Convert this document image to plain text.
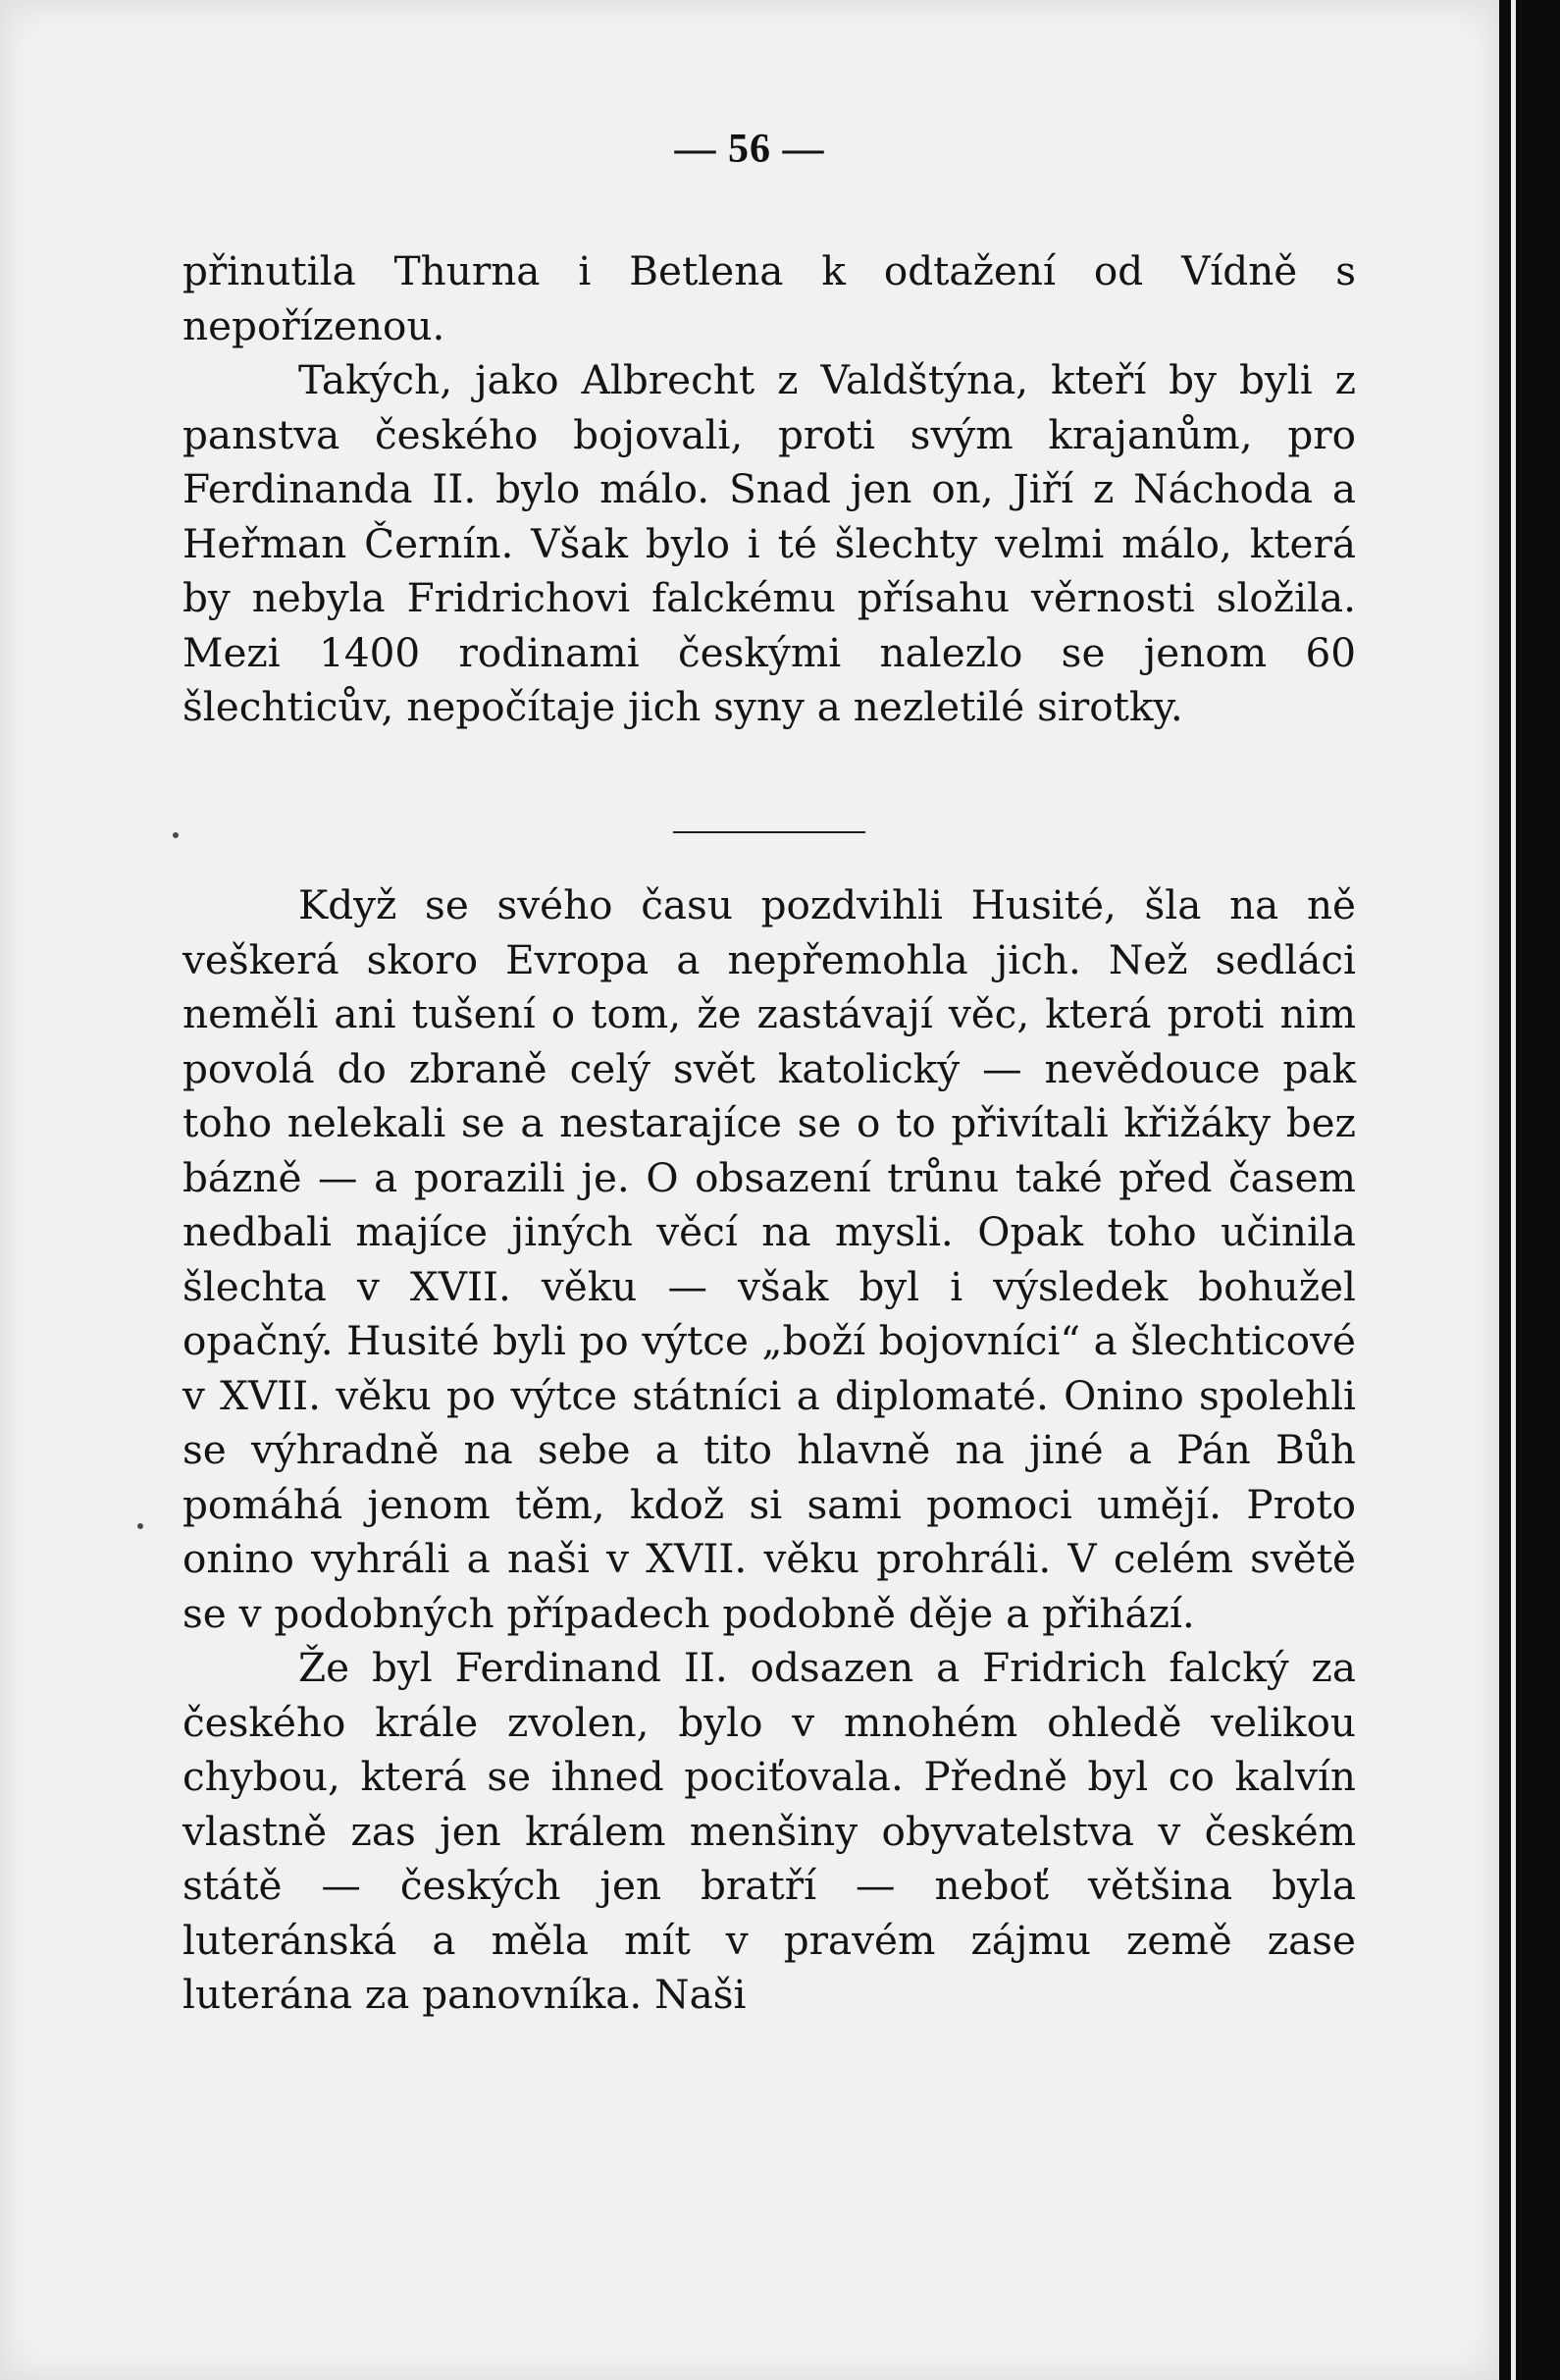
— 56 —

přinutila Thurna i Betlena k odtažení od Vídně s nepořízenou.

Takých, jako Albrecht z Valdštýna, kteří by byli z panstva českého bojovali, proti svým krajanům, pro Ferdinanda II. bylo málo. Snad jen on, Jiří z Náchoda a Heřman Černín. Však bylo i té šlechty velmi málo, která by nebyla Fridrichovi falckému přísahu věrnosti složila. Mezi 1400 rodinami českými nalezlo se jenom 60 šlechticův, nepočítaje jich syny a nezletilé sirotky.

Když se svého času pozdvihli Husité, šla na ně veškerá skoro Evropa a nepřemohla jich. Než sedláci neměli ani tušení o tom, že zastávají věc, která proti nim povolá do zbraně celý svět katolický — nevědouce pak toho nelekali se a nestarajíce se o to přivítali křižáky bez bázně — a porazili je. O obsazení trůnu také před časem nedbali majíce jiných věcí na mysli. Opak toho učinila šlechta v XVII. věku — však byl i výsledek bohužel opačný. Husité byli po výtce „boží bojovníci“ a šlechticové v XVII. věku po výtce státníci a diplomaté. Onino spolehli se výhradně na sebe a tito hlavně na jiné a Pán Bůh pomáhá jenom těm, kdož si sami pomoci umějí. Proto onino vyhráli a naši v XVII. věku prohráli. V celém světě se v podobných případech podobně děje a přihází.

Že byl Ferdinand II. odsazen a Fridrich falcký za českého krále zvolen, bylo v mnohém ohledě velikou chybou, která se ihned pociťovala. Předně byl co kalvín vlastně zas jen králem menšiny obyvatelstva v českém státě — českých jen bratří — neboť většina byla luteránská a měla mít v pravém zájmu země zase luterána za panovníka. Naši
